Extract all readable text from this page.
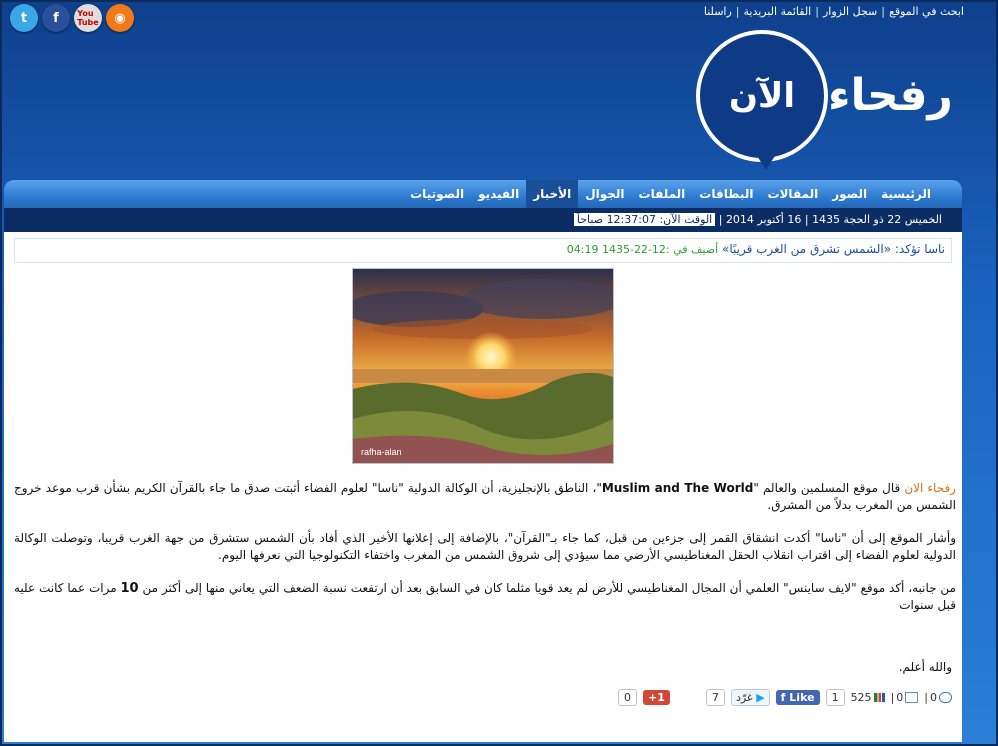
t	f	You
Tube	◉	ابحث في الموقع
|
سجل الزوار
|
القائمة البريدية
|
راسلنا
الآن رفحاء
الرئيسية
الصور
المقالات
البطاقات
الملفات
الجوال
الأخبار
الفيديو
الصوتيات
الخميس 22 ذو الحجة 1435 | 16 أكتوبر 2014 | الوقت الآن: 12:37:07 صباحاً
ناسا تؤكد: «الشمس تشرق من الغرب قريبًا» أضيف في :12-22-1435 04:19
rafha-alan

رفحاء الان قال موقع المسلمين والعالم "Muslim and The World"، الناطق بالإنجليزية، أن الوكالة الدولية "ناسا" لعلوم الفضاء أثبتت صدق ما جاء بالقرآن الكريم بشأن قرب موعد خروج الشمس من المغرب بدلاً من المشرق.

وأشار الموقع إلى أن "ناسا" أكدت انشقاق القمر إلى جزءين من قبل، كما جاء بـ"القرآن"، بالإضافة إلى إعلانها الأخير الذي أفاد بأن الشمس ستشرق من جهة الغرب قريبا، وتوصلت الوكالة الدولية لعلوم الفضاء إلى اقتراب انقلاب الحقل المغناطيسي الأرضي مما سيؤدي إلى شروق الشمس من المغرب واختفاء التكنولوجيا التي نعرفها اليوم.

من جانبه، أكد موقع "لايف ساينس" العلمي أن المجال المغناطيسي للأرض لم يعد قويا مثلما كان في السابق بعد أن ارتفعت نسبة الضعف التي يعاني منها إلى أكثر من 10 مرات عما كانت عليه قبل سنوات

والله أعلم.
0	+1	7	غرّد ▶	f Like	1	525 | 0 | 0
